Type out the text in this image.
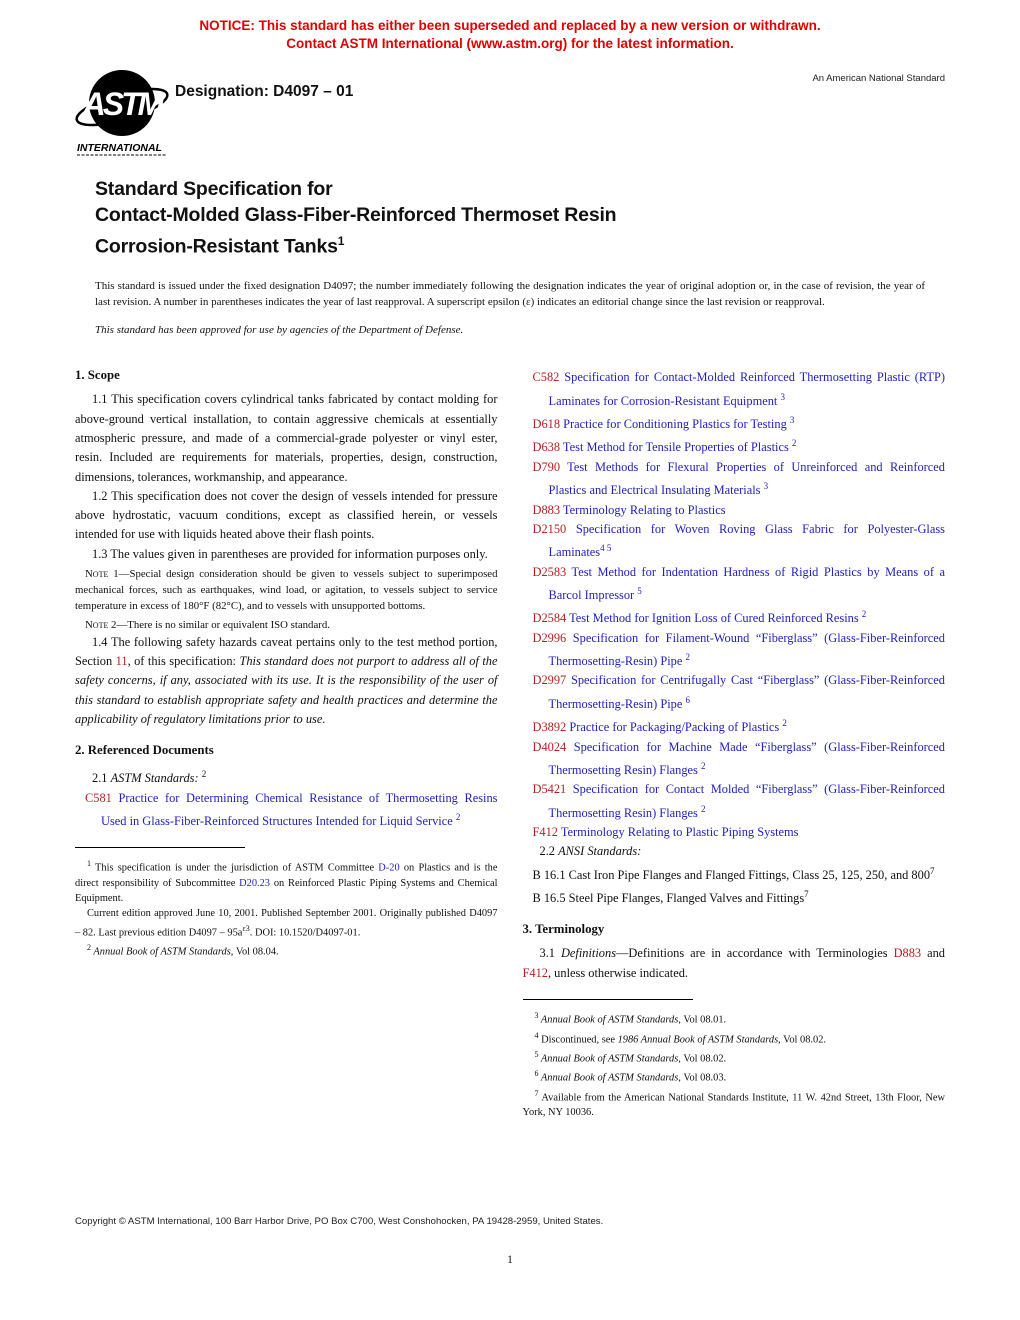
NOTICE: This standard has either been superseded and replaced by a new version or withdrawn.
Contact ASTM International (www.astm.org) for the latest information.
ASTM
INTERNATIONAL
Designation: D4097 – 01
An American National Standard
Standard Specification for
Contact-Molded Glass-Fiber-Reinforced Thermoset Resin
Corrosion-Resistant Tanks$^1$

This standard is issued under the fixed designation D4097; the number immediately following the designation indicates the year of original adoption or, in the case of revision, the year of last revision. A number in parentheses indicates the year of last reapproval. A superscript epsilon (ε) indicates an editorial change since the last revision or reapproval.

This standard has been approved for use by agencies of the Department of Defense.

1. Scope

1.1 This specification covers cylindrical tanks fabricated by contact molding for above-ground vertical installation, to contain aggressive chemicals at essentially atmospheric pressure, and made of a commercial-grade polyester or vinyl ester, resin. Included are requirements for materials, properties, design, construction, dimensions, tolerances, workmanship, and appearance.

1.2 This specification does not cover the design of vessels intended for pressure above hydrostatic, vacuum conditions, except as classified herein, or vessels intended for use with liquids heated above their flash points.

1.3 The values given in parentheses are provided for information purposes only.

Note 1—Special design consideration should be given to vessels subject to superimposed mechanical forces, such as earthquakes, wind load, or agitation, to vessels subject to service temperature in excess of 180°F (82°C), and to vessels with unsupported bottoms.

Note 2—There is no similar or equivalent ISO standard.

1.4 The following safety hazards caveat pertains only to the test method portion, Section 11, of this specification: This standard does not purport to address all of the safety concerns, if any, associated with its use. It is the responsibility of the user of this standard to establish appropriate safety and health practices and determine the applicability of regulatory limitations prior to use.

2. Referenced Documents

2.1 ASTM Standards: $^2$

C581 Practice for Determining Chemical Resistance of Thermosetting Resins Used in Glass-Fiber-Reinforced Structures Intended for Liquid Service $^2$

$^1$ This specification is under the jurisdiction of ASTM Committee D-20 on Plastics and is the direct responsibility of Subcommittee D20.23 on Reinforced Plastic Piping Systems and Chemical Equipment.

Current edition approved June 10, 2001. Published September 2001. Originally published D4097 – 82. Last previous edition $D4097 - 95a^{\varepsilon 3}$. DOI: 10.1520/D4097-01.

$^2$ Annual Book of ASTM Standards, Vol 08.04.

C582 Specification for Contact-Molded Reinforced Thermosetting Plastic (RTP) Laminates for Corrosion-Resistant Equipment $^3$

D618 Practice for Conditioning Plastics for Testing $^3$

D638 Test Method for Tensile Properties of Plastics $^2$

D790 Test Methods for Flexural Properties of Unreinforced and Reinforced Plastics and Electrical Insulating Materials $^3$

D883 Terminology Relating to Plastics

D2150 Specification for Woven Roving Glass Fabric for Polyester-Glass Laminates$^{4 5}$

D2583 Test Method for Indentation Hardness of Rigid Plastics by Means of a Barcol Impressor $^5$

D2584 Test Method for Ignition Loss of Cured Reinforced Resins $^2$

D2996 Specification for Filament-Wound “Fiberglass” (Glass-Fiber-Reinforced Thermosetting-Resin) Pipe $^2$

D2997 Specification for Centrifugally Cast “Fiberglass” (Glass-Fiber-Reinforced Thermosetting-Resin) Pipe $^6$

D3892 Practice for Packaging/Packing of Plastics $^2$

D4024 Specification for Machine Made “Fiberglass” (Glass-Fiber-Reinforced Thermosetting Resin) Flanges $^2$

D5421 Specification for Contact Molded “Fiberglass” (Glass-Fiber-Reinforced Thermosetting Resin) Flanges $^2$

F412 Terminology Relating to Plastic Piping Systems

2.2 ANSI Standards:

B 16.1 Cast Iron Pipe Flanges and Flanged Fittings, Class 25, 125, 250, and $800^7$

B 16.5 Steel Pipe Flanges, Flanged Valves and Fittings$^7$

3. Terminology

3.1 Definitions—Definitions are in accordance with Terminologies D883 and F412, unless otherwise indicated.

$^3$ Annual Book of ASTM Standards, Vol 08.01.

$^4$ Discontinued, see 1986 Annual Book of ASTM Standards, Vol 08.02.

$^5$ Annual Book of ASTM Standards, Vol 08.02.

$^6$ Annual Book of ASTM Standards, Vol 08.03.

$^7$ Available from the American National Standards Institute, 11 W. 42nd Street, 13th Floor, New York, NY 10036.

Copyright © ASTM International, 100 Barr Harbor Drive, PO Box C700, West Conshohocken, PA 19428-2959, United States.
1
